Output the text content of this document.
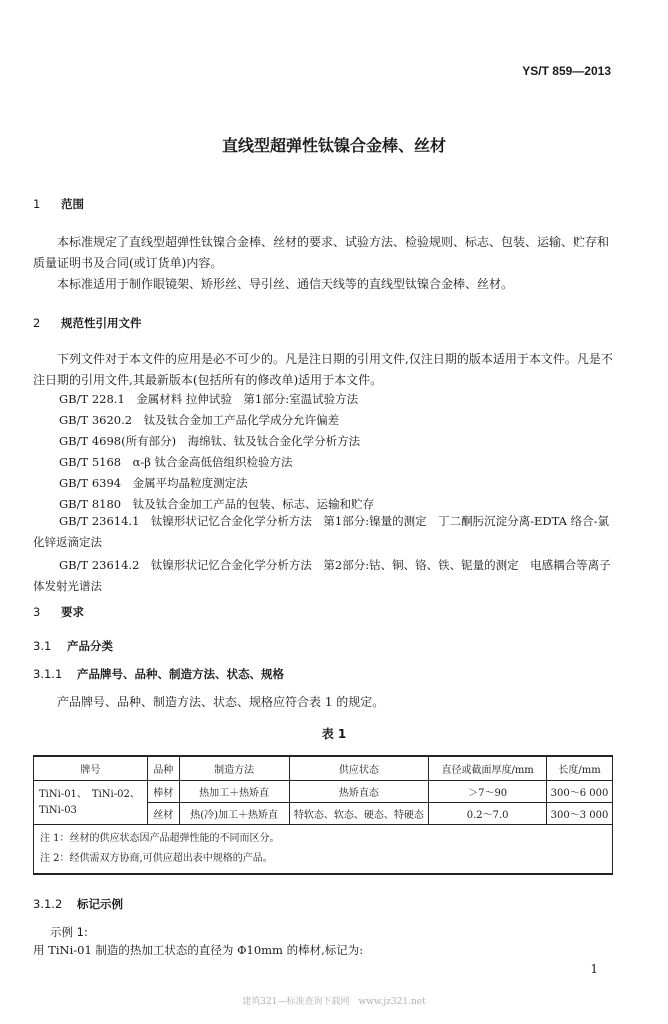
YS/T 859—2013
直线型超弹性钛镍合金棒、丝材
1 范围
本标准规定了直线型超弹性钛镍合金棒、丝材的要求、试验方法、检验规则、标志、包装、运输、贮存和质量证明书及合同(或订货单)内容。
本标准适用于制作眼镜架、矫形丝、导引丝、通信天线等的直线型钛镍合金棒、丝材。
2 规范性引用文件
下列文件对于本文件的应用是必不可少的。凡是注日期的引用文件,仅注日期的版本适用于本文件。凡是不注日期的引用文件,其最新版本(包括所有的修改单)适用于本文件。
GB/T 228.1　金属材料 拉伸试验　第1部分:室温试验方法
GB/T 3620.2　钛及钛合金加工产品化学成分允许偏差
GB/T 4698(所有部分)　海绵钛、钛及钛合金化学分析方法
GB/T 5168　α-β 钛合金高低倍组织检验方法
GB/T 6394　金属平均晶粒度测定法
GB/T 8180　钛及钛合金加工产品的包装、标志、运输和贮存
GB/T 23614.1　钛镍形状记忆合金化学分析方法　第1部分:镍量的测定　丁二酮肟沉淀分离-EDTA 络合-氯化锌返滴定法
GB/T 23614.2　钛镍形状记忆合金化学分析方法　第2部分:钴、铜、铬、铁、铌量的测定　电感耦合等离子体发射光谱法
3 要求
3.1 产品分类
3.1.1 产品牌号、品种、制造方法、状态、规格
产品牌号、品种、制造方法、状态、规格应符合表 1 的规定。
表 1
牌号	品种	制造方法	供应状态	直径或截面厚度/mm	长度/mm
TiNi-01、　TiNi-02、TiNi-03	棒材	热加工＋热矫直	热矫直态	＞7～90	300～6 000
	丝材	热(冷)加工＋热矫直	特软态、软态、硬态、特硬态	0.2～7.0	300～3 000

注 1：丝材的供应状态因产品超弹性能的不同而区分。
注 2：经供需双方协商,可供应超出表中规格的产品。					
3.1.2 标记示例
示例 1:
用 TiNi-01 制造的热加工状态的直径为 Φ10mm 的棒材,标记为:
1
建筑321—标准查询下载网　www.jz321.net
